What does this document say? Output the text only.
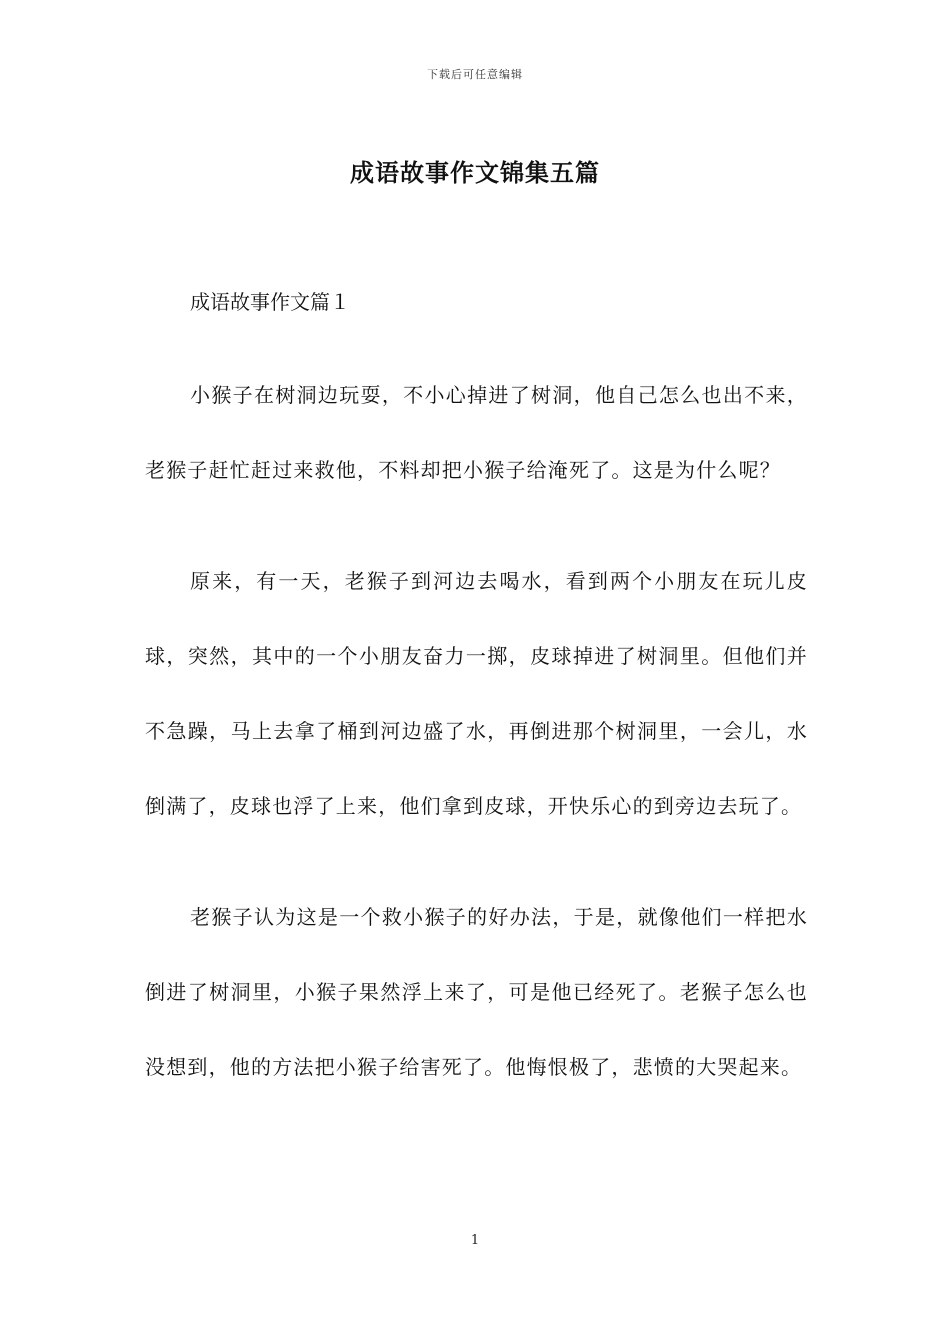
下载后可任意编辑
成语故事作文锦集五篇

成语故事作文篇１

小猴子在树洞边玩耍，不小心掉进了树洞，他自己怎么也出不来，老猴子赶忙赶过来救他，不料却把小猴子给淹死了。这是为什么呢？

原来，有一天，老猴子到河边去喝水，看到两个小朋友在玩儿皮球，突然，其中的一个小朋友奋力一掷，皮球掉进了树洞里。但他们并不急躁，马上去拿了桶到河边盛了水，再倒进那个树洞里，一会儿，水倒满了，皮球也浮了上来，他们拿到皮球，开快乐心的到旁边去玩了。

老猴子认为这是一个救小猴子的好办法，于是，就像他们一样把水倒进了树洞里，小猴子果然浮上来了，可是他已经死了。老猴子怎么也没想到，他的方法把小猴子给害死了。他悔恨极了，悲愤的大哭起来。

1
